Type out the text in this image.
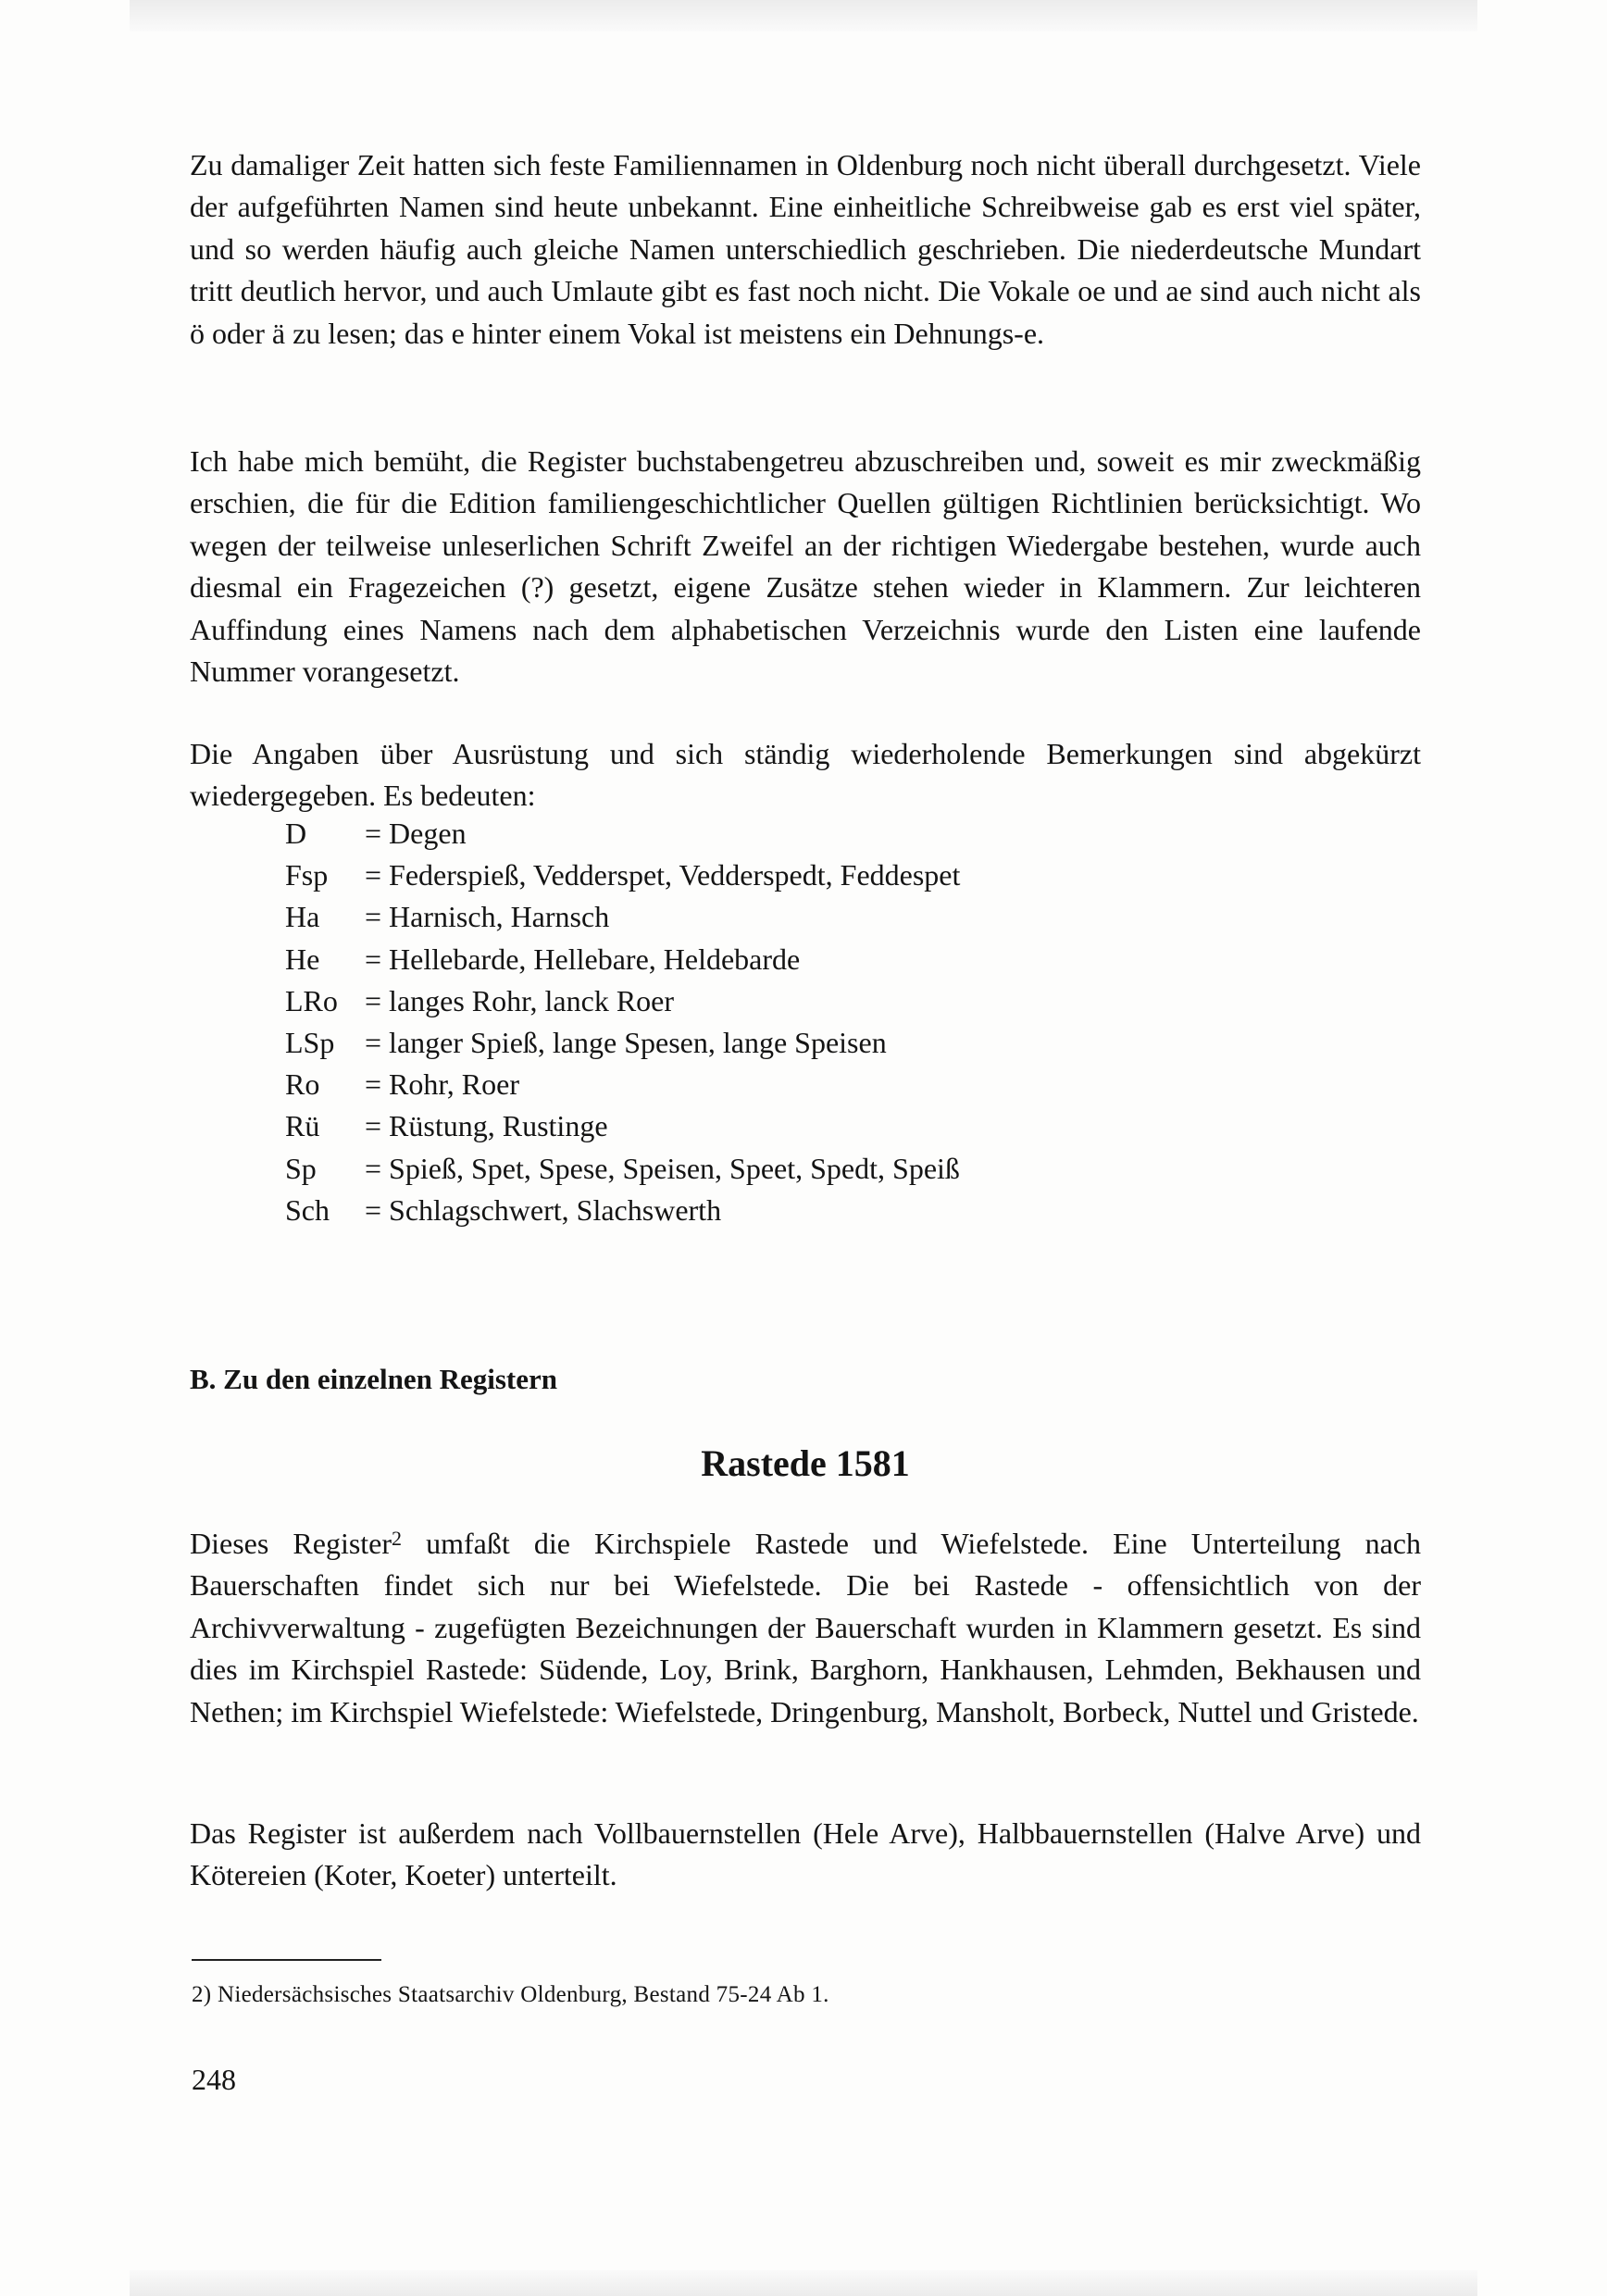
Zu damaliger Zeit hatten sich feste Familiennamen in Oldenburg noch nicht überall durchgesetzt. Viele der aufgeführten Namen sind heute unbekannt. Eine einheitliche Schreibweise gab es erst viel später, und so werden häufig auch gleiche Namen unterschiedlich geschrieben. Die niederdeutsche Mundart tritt deutlich hervor, und auch Umlaute gibt es fast noch nicht. Die Vokale oe und ae sind auch nicht als ö oder ä zu lesen; das e hinter einem Vokal ist meistens ein Dehnungs-e.

Ich habe mich bemüht, die Register buchstabengetreu abzuschreiben und, soweit es mir zweckmäßig erschien, die für die Edition familiengeschichtlicher Quellen gültigen Richtlinien berücksichtigt. Wo wegen der teilweise unleserlichen Schrift Zweifel an der richtigen Wiedergabe bestehen, wurde auch diesmal ein Fragezeichen (?) gesetzt, eigene Zusätze stehen wieder in Klammern. Zur leichteren Auffindung eines Namens nach dem alphabetischen Verzeichnis wurde den Listen eine laufende Nummer vorangesetzt.

Die Angaben über Ausrüstung und sich ständig wiederholende Bemerkungen sind abgekürzt wiedergegeben. Es bedeuten:

D	= Degen
Fsp	= Federspieß, Vedderspet, Vedderspedt, Feddespet
Ha	= Harnisch, Harnsch
He	= Hellebarde, Hellebare, Heldebarde
LRo = langes Rohr, lanck Roer
LSp	= langer Spieß, lange Spesen, lange Speisen
Ro	= Rohr, Roer
Rü	= Rüstung, Rustinge
Sp	= Spieß, Spet, Spese, Speisen, Speet, Spedt, Speiß
Sch	= Schlagschwert, Slachswerth
B. Zu den einzelnen Registern
Rastede 1581

Dieses Register$^2$ umfaßt die Kirchspiele Rastede und Wiefelstede. Eine Unterteilung nach Bauerschaften findet sich nur bei Wiefelstede. Die bei Rastede - offensichtlich von der Archivverwaltung - zugefügten Bezeichnungen der Bauerschaft wurden in Klammern gesetzt. Es sind dies im Kirchspiel Rastede: Südende, Loy, Brink, Barghorn, Hankhausen, Lehmden, Bekhausen und Nethen; im Kirchspiel Wiefelstede: Wiefelstede, Dringenburg, Mansholt, Borbeck, Nuttel und Gristede.

Das Register ist außerdem nach Vollbauernstellen (Hele Arve), Halbbauernstellen (Halve Arve) und Kötereien (Koter, Koeter) unterteilt.

2) Niedersächsisches Staatsarchiv Oldenburg, Bestand 75-24 Ab 1.

248
